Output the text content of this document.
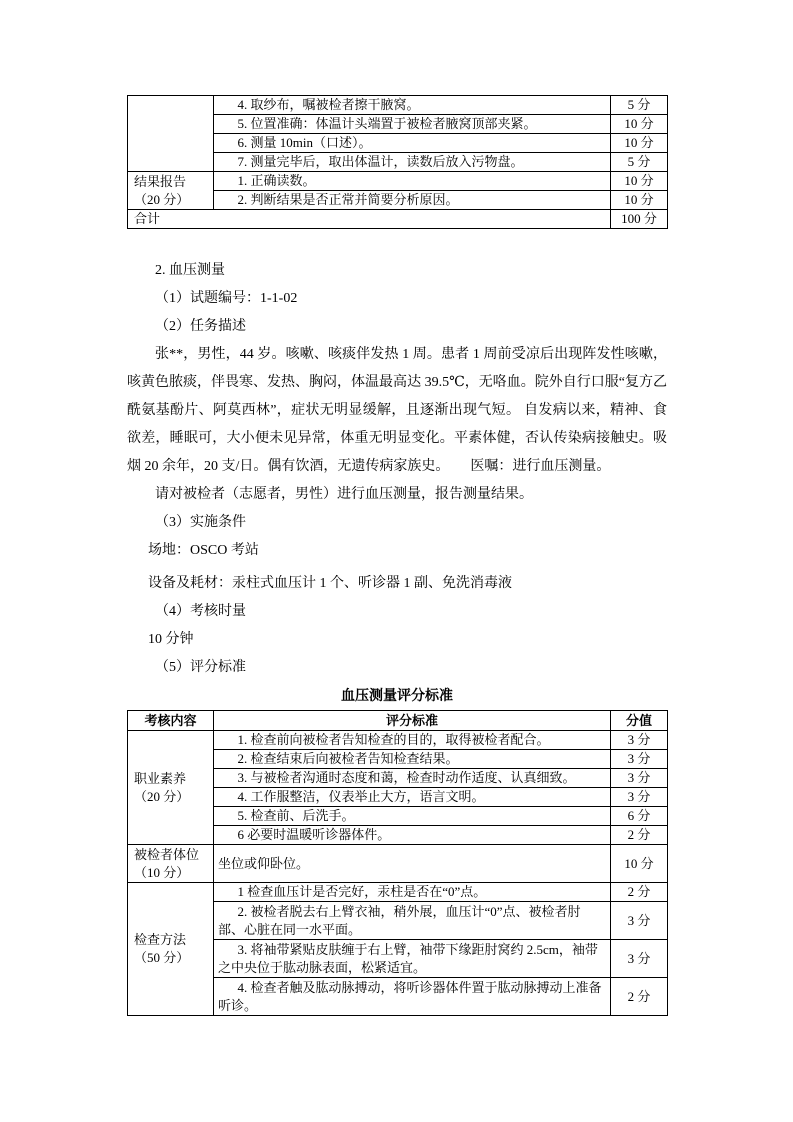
	4. 取纱布，嘱被检者擦干腋窝。	5 分
	5. 位置准确：体温计头端置于被检者腋窝顶部夹紧。	10 分
	6. 测量 10min（口述）。	10 分
	7. 测量完毕后，取出体温计，读数后放入污物盘。	5 分

结果报告
（20 分）	1. 正确读数。	10 分
	2. 判断结果是否正常并简要分析原因。	10 分
合计		100 分

2. 血压测量

（1）试题编号：1-1-02

（2）任务描述

张**，男性，44 岁。咳嗽、咳痰伴发热 1 周。患者 1 周前受凉后出现阵发性咳嗽，咳黄色脓痰，伴畏寒、发热、胸闷，体温最高达 39.5℃，无咯血。院外自行口服“复方乙酰氨基酚片、阿莫西林”，症状无明显缓解，且逐渐出现气短。 自发病以来，精神、食欲差，睡眠可，大小便未见异常，体重无明显变化。平素体健，否认传染病接触史。吸烟 20 余年，20 支/日。偶有饮酒，无遗传病家族史。　　医嘱：进行血压测量。

请对被检者（志愿者，男性）进行血压测量，报告测量结果。

（3）实施条件

场地：OSCO 考站

设备及耗材：汞柱式血压计 1 个、听诊器 1 副、免洗消毒液

（4）考核时量

10 分钟

（5）评分标准

血压测量评分标准
考核内容	评分标准	分值

职业素养
（20 分）	1. 检查前向被检者告知检查的目的，取得被检者配合。	3 分
	2. 检查结束后向被检者告知检查结果。	3 分
	3. 与被检者沟通时态度和蔼，检查时动作适度、认真细致。	3 分
	4. 工作服整洁，仪表举止大方，语言文明。	3 分
	5. 检查前、后洗手。	6 分
	6 必要时温暖听诊器体件。	2 分

被检者体位
（10 分）	坐位或仰卧位。	10 分

检查方法
（50 分）	1 检查血压计是否完好，汞柱是否在“0”点。	2 分
	2. 被检者脱去右上臂衣袖，稍外展，血压计“0”点、被检者肘部、心脏在同一水平面。	3 分
	3. 将袖带紧贴皮肤缠于右上臂，袖带下缘距肘窝约 2.5cm，袖带之中央位于肱动脉表面，松紧适宜。	3 分
	4. 检查者触及肱动脉搏动，将听诊器体件置于肱动脉搏动上准备听诊。	2 分
